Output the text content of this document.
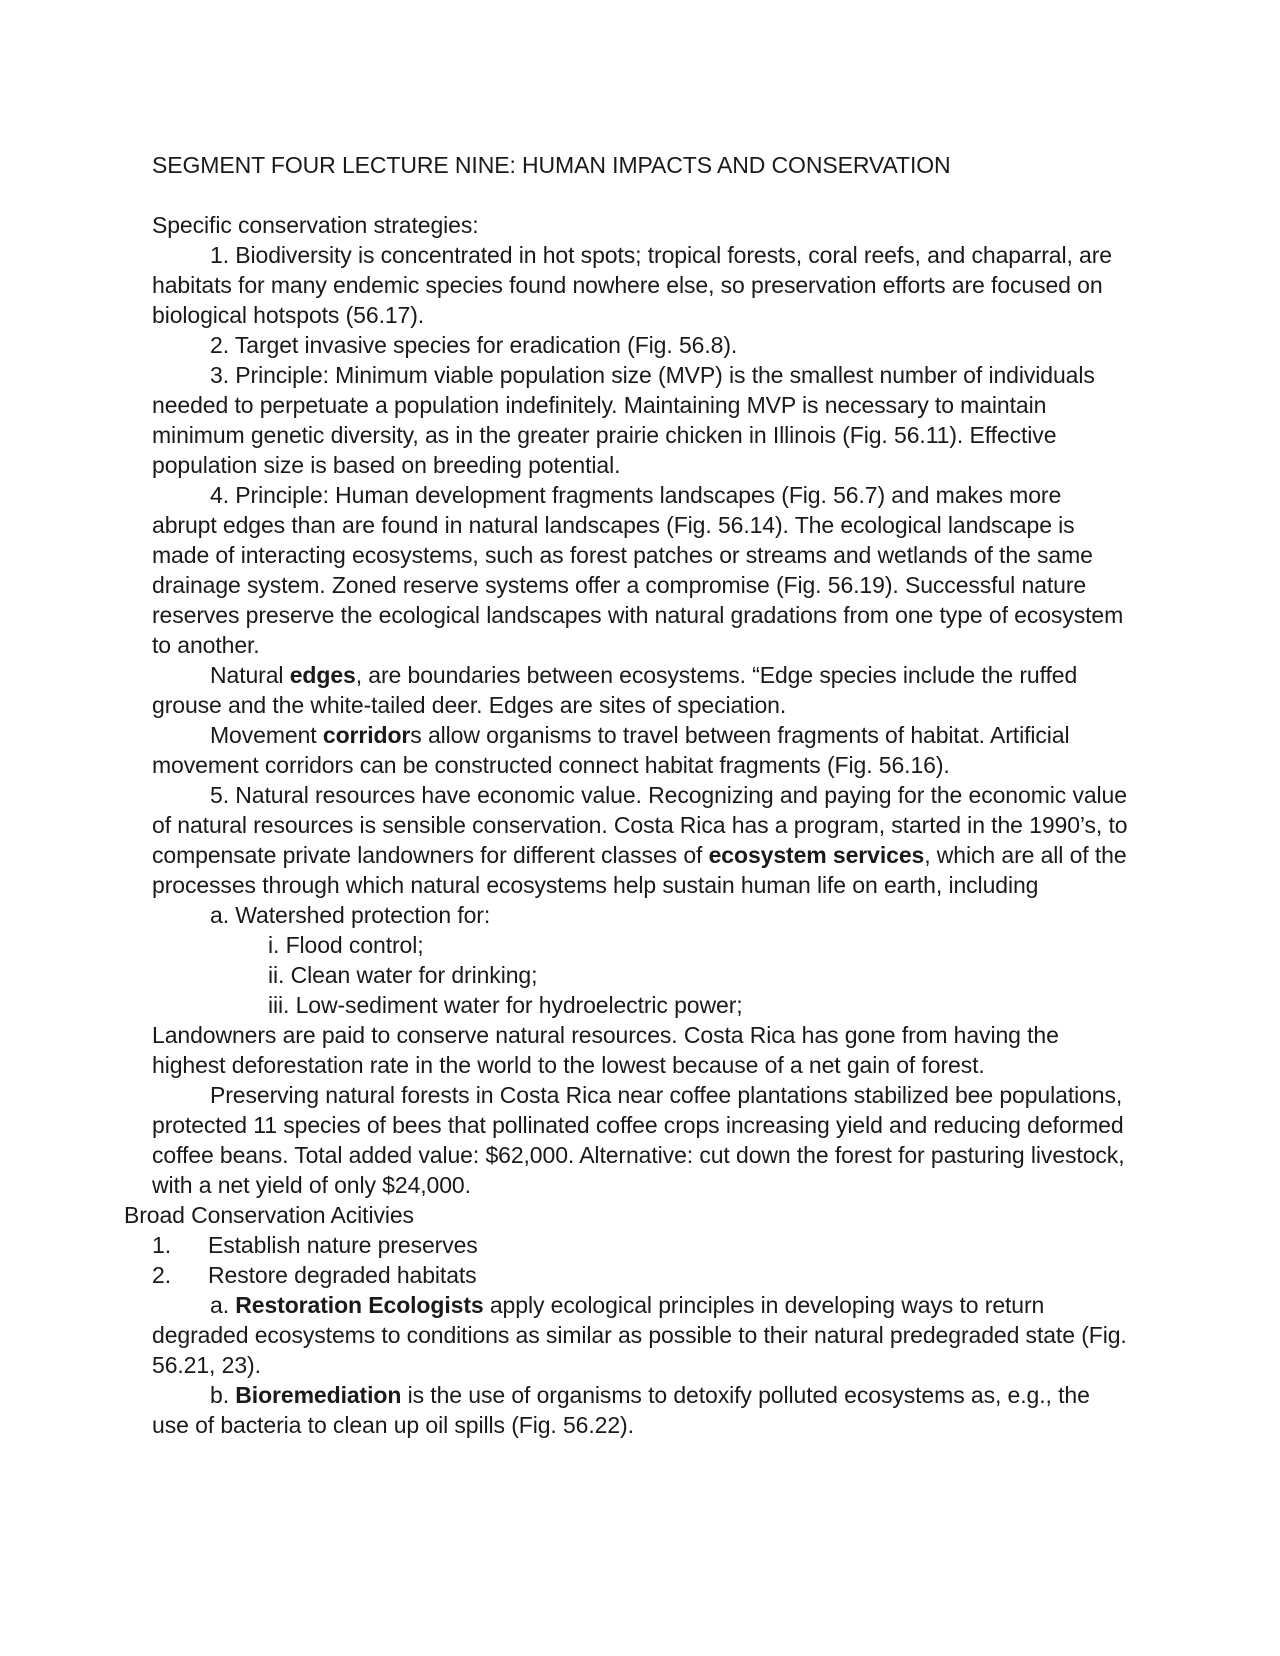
SEGMENT FOUR LECTURE NINE: HUMAN IMPACTS AND CONSERVATION

Specific conservation strategies:

1. Biodiversity is concentrated in hot spots; tropical forests, coral reefs, and chaparral, are habitats for many endemic species found nowhere else, so preservation efforts are focused on biological hotspots (56.17).

2. Target invasive species for eradication (Fig. 56.8).

3. Principle: Minimum viable population size (MVP) is the smallest number of individuals needed to perpetuate a population indefinitely. Maintaining MVP is necessary to maintain minimum genetic diversity, as in the greater prairie chicken in Illinois (Fig. 56.11). Effective population size is based on breeding potential.

4. Principle: Human development fragments landscapes (Fig. 56.7) and makes more abrupt edges than are found in natural landscapes (Fig. 56.14). The ecological landscape is made of interacting ecosystems, such as forest patches or streams and wetlands of the same drainage system. Zoned reserve systems offer a compromise (Fig. 56.19). Successful nature reserves preserve the ecological landscapes with natural gradations from one type of ecosystem to another.

Natural edges, are boundaries between ecosystems. “Edge species include the ruffed grouse and the white-tailed deer. Edges are sites of speciation.

Movement corridors allow organisms to travel between fragments of habitat. Artificial movement corridors can be constructed connect habitat fragments (Fig. 56.16).

5. Natural resources have economic value. Recognizing and paying for the economic value of natural resources is sensible conservation. Costa Rica has a program, started in the 1990’s, to compensate private landowners for different classes of ecosystem services, which are all of the processes through which natural ecosystems help sustain human life on earth, including

a. Watershed protection for:

i. Flood control;

ii. Clean water for drinking;

iii. Low-sediment water for hydroelectric power;

Landowners are paid to conserve natural resources. Costa Rica has gone from having the highest deforestation rate in the world to the lowest because of a net gain of forest.

Preserving natural forests in Costa Rica near coffee plantations stabilized bee populations, protected 11 species of bees that pollinated coffee crops increasing yield and reducing deformed coffee beans. Total added value: $62,000. Alternative: cut down the forest for pasturing livestock, with a net yield of only $24,000.

Broad Conservation Acitivies

1.	Establish nature preserves
2.	Restore degraded habitats

a. Restoration Ecologists apply ecological principles in developing ways to return degraded ecosystems to conditions as similar as possible to their natural predegraded state (Fig. 56.21, 23).

b. Bioremediation is the use of organisms to detoxify polluted ecosystems as, e.g., the use of bacteria to clean up oil spills (Fig. 56.22).
